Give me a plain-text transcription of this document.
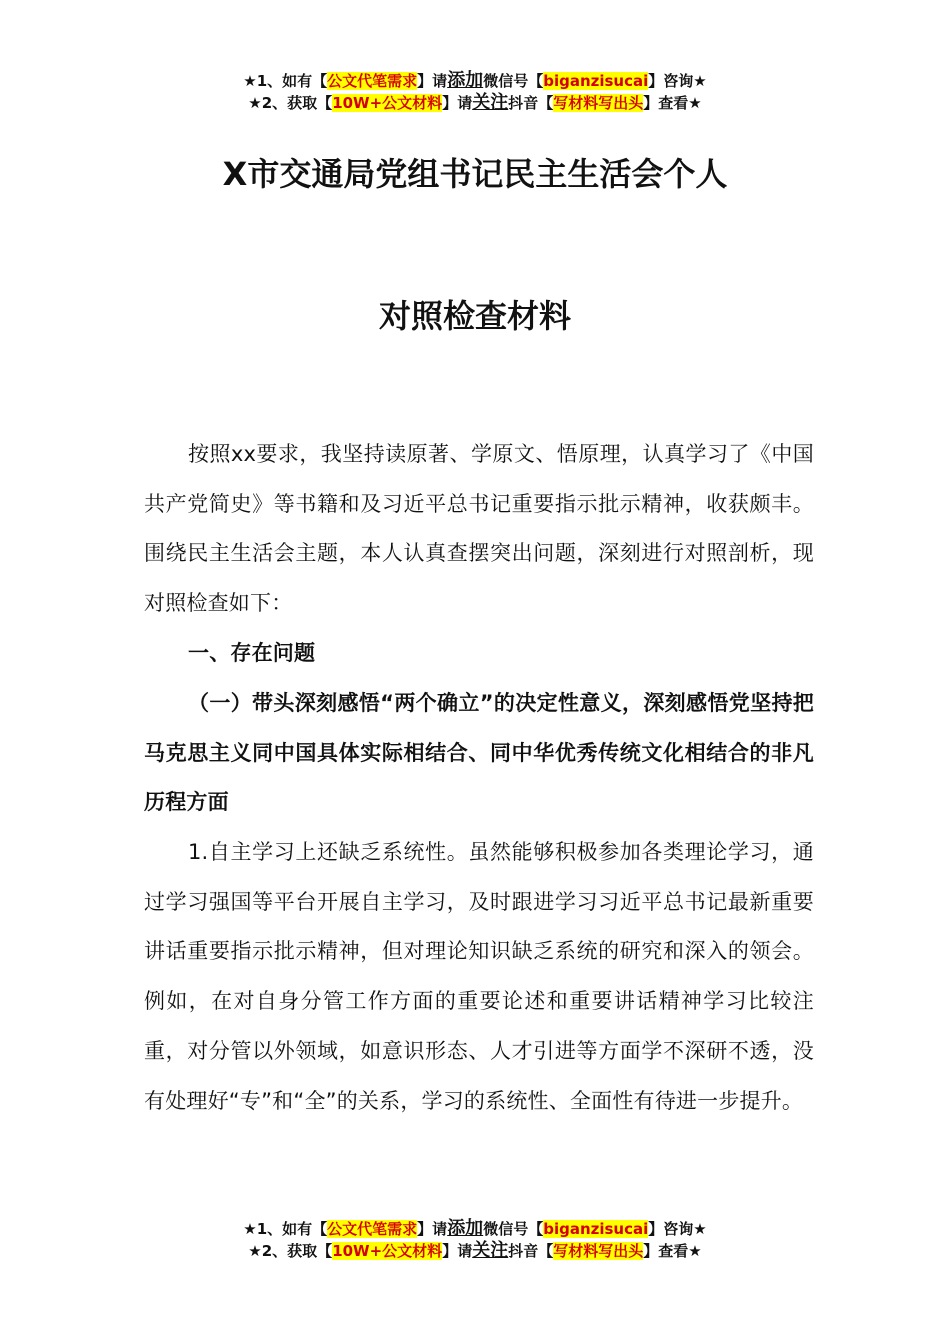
★1、如有【公文代笔需求】请添加微信号【biganzisucai】咨询★
★2、获取【10W+公文材料】请关注抖音【写材料写出头】查看★
X市交通局党组书记民主生活会个人
对照检查材料
按照xx要求，我坚持读原著、学原文、悟原理，认真学习了《中国共产党简史》等书籍和及习近平总书记重要指示批示精神，收获颇丰。围绕民主生活会主题，本人认真查摆突出问题，深刻进行对照剖析，现对照检查如下：
一、存在问题
（一）带头深刻感悟“两个确立”的决定性意义，深刻感悟党坚持把马克思主义同中国具体实际相结合、同中华优秀传统文化相结合的非凡历程方面
1.自主学习上还缺乏系统性。虽然能够积极参加各类理论学习，通过学习强国等平台开展自主学习，及时跟进学习习近平总书记最新重要讲话重要指示批示精神，但对理论知识缺乏系统的研究和深入的领会。例如，在对自身分管工作方面的重要论述和重要讲话精神学习比较注重，对分管以外领域，如意识形态、人才引进等方面学不深研不透，没有处理好“专”和“全”的关系，学习的系统性、全面性有待进一步提升。
★1、如有【公文代笔需求】请添加微信号【biganzisucai】咨询★
★2、获取【10W+公文材料】请关注抖音【写材料写出头】查看★
